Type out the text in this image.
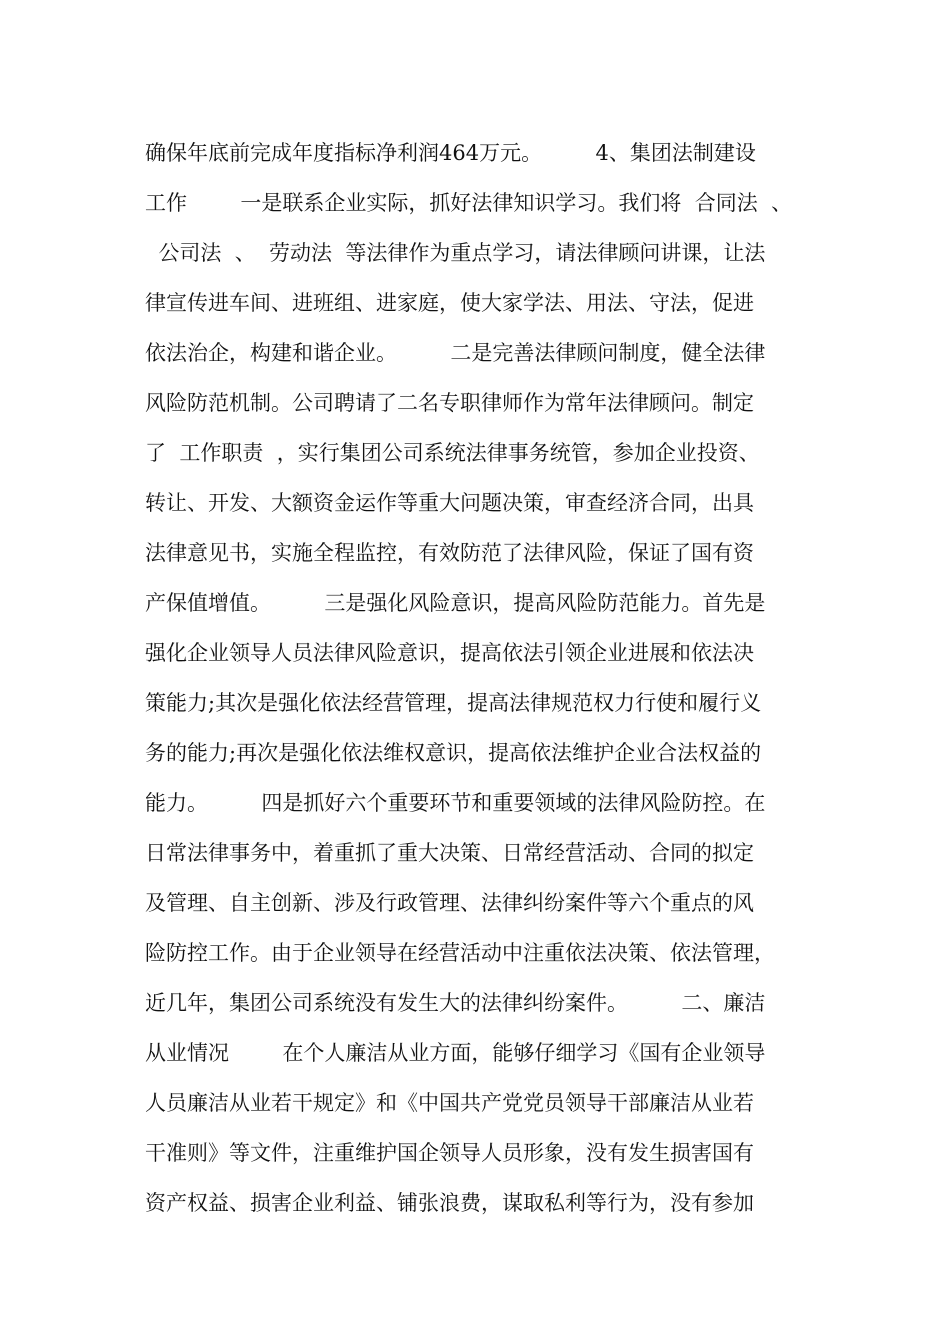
确保年底前完成年度指标净利润464万元。        4、集团法制建设
工作        一是联系企业实际，抓好法律知识学习。我们将  合同法  、
公司法  、  劳动法  等法律作为重点学习，请法律顾问讲课，让法
律宣传进车间、进班组、进家庭，使大家学法、用法、守法，促进
依法治企，构建和谐企业。        二是完善法律顾问制度，健全法律
风险防范机制。公司聘请了二名专职律师作为常年法律顾问。制定
了  工作职责  ，实行集团公司系统法律事务统管，参加企业投资、
转让、开发、大额资金运作等重大问题决策，审查经济合同，出具
法律意见书，实施全程监控，有效防范了法律风险，保证了国有资
产保值增值。        三是强化风险意识，提高风险防范能力。首先是
强化企业领导人员法律风险意识，提高依法引领企业进展和依法决
策能力;其次是强化依法经营管理，提高法律规范权力行使和履行义
务的能力;再次是强化依法维权意识，提高依法维护企业合法权益的
能力。        四是抓好六个重要环节和重要领域的法律风险防控。在
日常法律事务中，着重抓了重大决策、日常经营活动、合同的拟定
及管理、自主创新、涉及行政管理、法律纠纷案件等六个重点的风
险防控工作。由于企业领导在经营活动中注重依法决策、依法管理，
近几年，集团公司系统没有发生大的法律纠纷案件。        二、廉洁
从业情况        在个人廉洁从业方面，能够仔细学习《国有企业领导
人员廉洁从业若干规定》和《中国共产党党员领导干部廉洁从业若
干准则》等文件，注重维护国企领导人员形象，没有发生损害国有
资产权益、损害企业利益、铺张浪费，谋取私利等行为，没有参加
